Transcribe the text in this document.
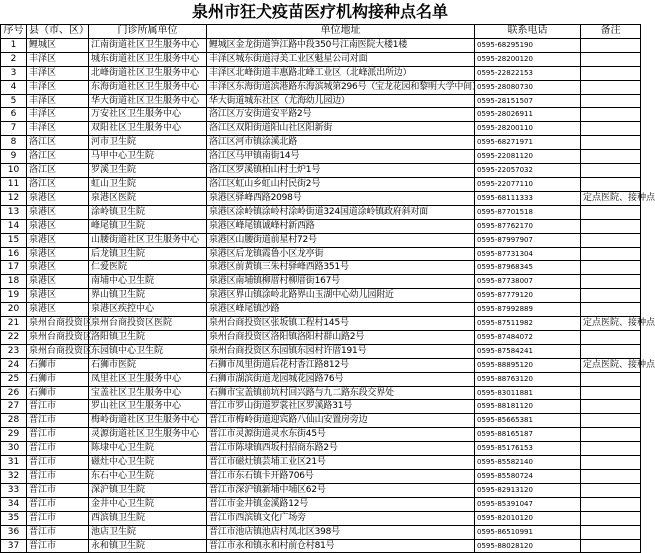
泉州市狂犬疫苗医疗机构接种点名单
序号	县（市、区）	门诊所属单位	单位地址	联系电话	备注
1	鲤城区	江南街道社区卫生服务中心	鲤城区金龙街道笋江路中段350号江南医院大楼1楼	0595-68295190	
2	丰泽区	城东街道社区卫生服务中心	丰泽区城东街道浔美工业区魁星公司对面	0595-28200120	
3	丰泽区	北峰街道社区卫生服务中心	丰泽区北峰街道丰惠路北峰工业区（北峰派出所边）	0595-22822153	
4	丰泽区	东海街道社区卫生服务中心	丰泽区东海街道滨港路东海滨城第296号（宝龙花园和黎明大学中间）	0595-28080730	
5	丰泽区	华大街道社区卫生服务中心	华大街道城东社区（尤海幼儿园边）	0595-28151507	
6	丰泽区	万安社区卫生服务中心	洛江区万安街道安平路2号	0595-28026911	
7	丰泽区	双阳社区卫生服务中心	洛江区双阳街道阳山社区阳新街	0595-28200110	
8	洛江区	河市卫生院	洛江区河市镇涂溪北路	0595-68271971	
9	洛江区	马甲中心卫生院	洛江区马甲镇南街14号	0595-22081120	
10	洛江区	罗溪卫生院	洛江区罗溪镇柏山村土炉1号	0595-22057032	
11	洛江区	虹山卫生院	洛江区虹山乡虹山村民街2号	0595-22077110	
12	泉港区	泉港区医院	泉港区驿峰西路2098号	0595-68111333	定点医院、接种点
13	泉港区	涂岭镇卫生院	泉港区涂岭镇涂岭村涂岭街道324国道涂岭镇政府斜对面	0595-87701518	
14	泉港区	峰尾镇卫生院	泉港区峰尾镇诚峰村新西路	0595-87762170	
15	泉港区	山腰街道社区卫生服务中心	泉港区山腰街道前星村72号	0595-87997907	
16	泉港区	后龙镇卫生院	泉港区后龙镇霞鲁小区龙亭街	0595-87731304	
17	泉港区	仁爱医院	泉港区前黄镇三朱村驿峰西路351号	0595-87968345	
18	泉港区	南埔中心卫生院	泉港区南埔镇柳厝村柳厝街167号	0595-87738007	
19	泉港区	界山镇卫生院	泉港区界山镇涂岭北路界山玉湖中心幼儿园附近	0595-87779120	
20	泉港区	泉港区疾控中心	泉港区峰尾镇沙路	0595-87992889	
21	泉州台商投资区	泉州台商投资区医院	泉州台商投资区张坂镇工程村145号	0595-87511982	定点医院、接种点
22	泉州台商投资区	洛阳镇卫生院	泉州台商投资区洛阳镇洛阳村群山路2号	0595-87484072	
23	泉州台商投资区	东园镇中心卫生院	泉州台商投资区东园镇东园村许厝191号	0595-87584241	
24	石狮市	石狮市医院	石狮市凤里街道后花村香江路812号	0595-88895120	定点医院、接种点
25	石狮市	凤里社区卫生服务中心	石狮市湖滨街道龙园城花园路76号	0595-88763120	
26	石狮市	宝盖社区卫生服务中心	石狮市宝盖镇前坑村回兴路与九二路东段交界处	0595-83011881	
27	晋江市	罗山社区卫生服务中心	晋江市罗山街道罗裳社区罗溪路31号	0595-88181120	
28	晋江市	梅岭街道社区卫生服务中心	晋江市梅岭街道迎宾路八仙山安置房旁边	0595-85665381	
29	晋江市	灵源街道社区卫生服务中心	晋江市灵源街道灵水东街45号	0595-88165187	
30	晋江市	陈埭中心卫生院	晋江市陈埭镇西坂村招商东路2号	0595-85176153	
31	晋江市	磁灶中心卫生院	晋江市磁灶镇芸埔工业区21号	0595-85582140	
32	晋江市	东石中心卫生院	晋江市东石镇卡开路706号	0595-85580724	
33	晋江市	深沪镇卫生院	晋江市深沪镇新埔中埔区62号	0595-82913120	
34	晋江市	金井中心卫生院	晋江市金井镇金溪路12号	0595-85391047	
35	晋江市	西滨镇卫生院	晋江市西滨镇文化广场旁	0595-82010120	
36	晋江市	池店卫生院	晋江市池店镇池店村凤北区398号	0595-86510991	
37	晋江市	永和镇卫生院	晋江市永和镇永和村前仓村81号	0595-88028120	
